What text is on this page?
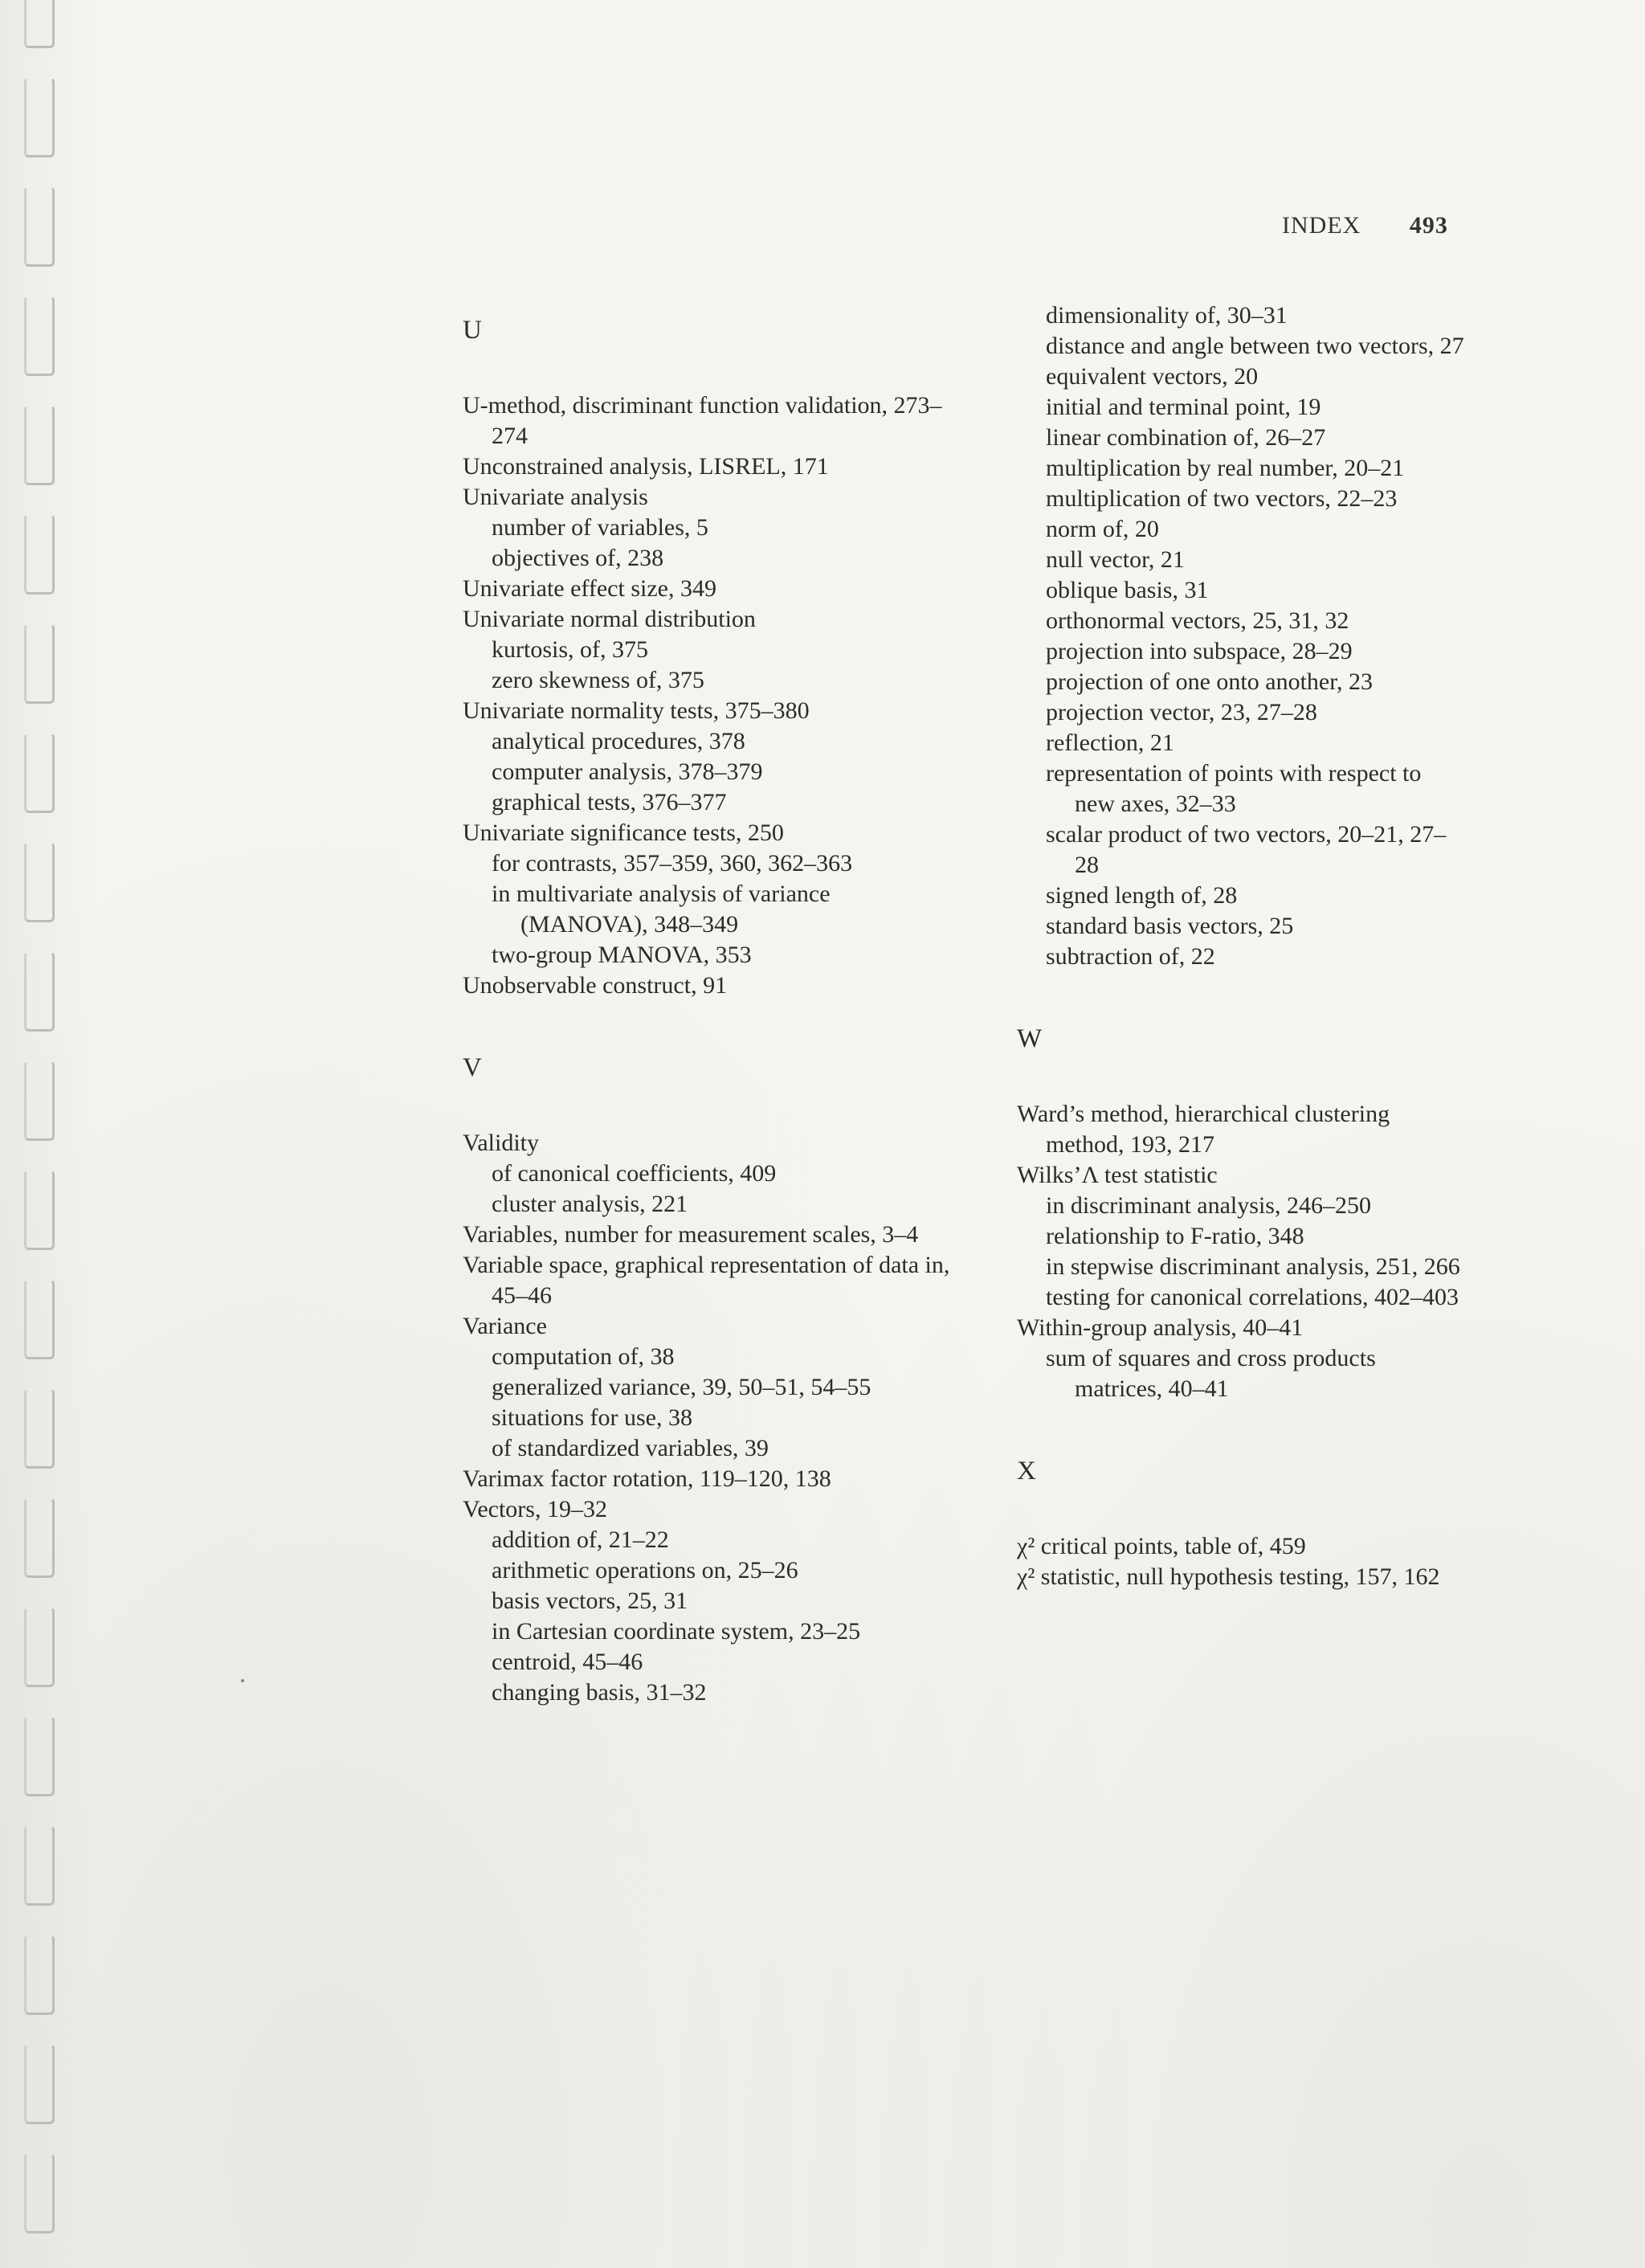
INDEX 493
U
U-method, discriminant function validation, 273–274
Unconstrained analysis, LISREL, 171
Univariate analysis
number of variables, 5
objectives of, 238
Univariate effect size, 349
Univariate normal distribution
kurtosis, of, 375
zero skewness of, 375
Univariate normality tests, 375–380
analytical procedures, 378
computer analysis, 378–379
graphical tests, 376–377
Univariate significance tests, 250
for contrasts, 357–359, 360, 362–363
in multivariate analysis of variance (MANOVA), 348–349
two-group MANOVA, 353
Unobservable construct, 91
V
Validity
of canonical coefficients, 409
cluster analysis, 221
Variables, number for measurement scales, 3–4
Variable space, graphical representation of data in, 45–46
Variance
computation of, 38
generalized variance, 39, 50–51, 54–55
situations for use, 38
of standardized variables, 39
Varimax factor rotation, 119–120, 138
Vectors, 19–32
addition of, 21–22
arithmetic operations on, 25–26
basis vectors, 25, 31
in Cartesian coordinate system, 23–25
centroid, 45–46
changing basis, 31–32
dimensionality of, 30–31
distance and angle between two vectors, 27
equivalent vectors, 20
initial and terminal point, 19
linear combination of, 26–27
multiplication by real number, 20–21
multiplication of two vectors, 22–23
norm of, 20
null vector, 21
oblique basis, 31
orthonormal vectors, 25, 31, 32
projection into subspace, 28–29
projection of one onto another, 23
projection vector, 23, 27–28
reflection, 21
representation of points with respect to new axes, 32–33
scalar product of two vectors, 20–21, 27–28
signed length of, 28
standard basis vectors, 25
subtraction of, 22
W
Ward’s method, hierarchical clustering method, 193, 217
Wilks’Λ test statistic
in discriminant analysis, 246–250
relationship to F-ratio, 348
in stepwise discriminant analysis, 251, 266
testing for canonical correlations, 402–403
Within-group analysis, 40–41
sum of squares and cross products matrices, 40–41
X
χ² critical points, table of, 459
χ² statistic, null hypothesis testing, 157, 162
